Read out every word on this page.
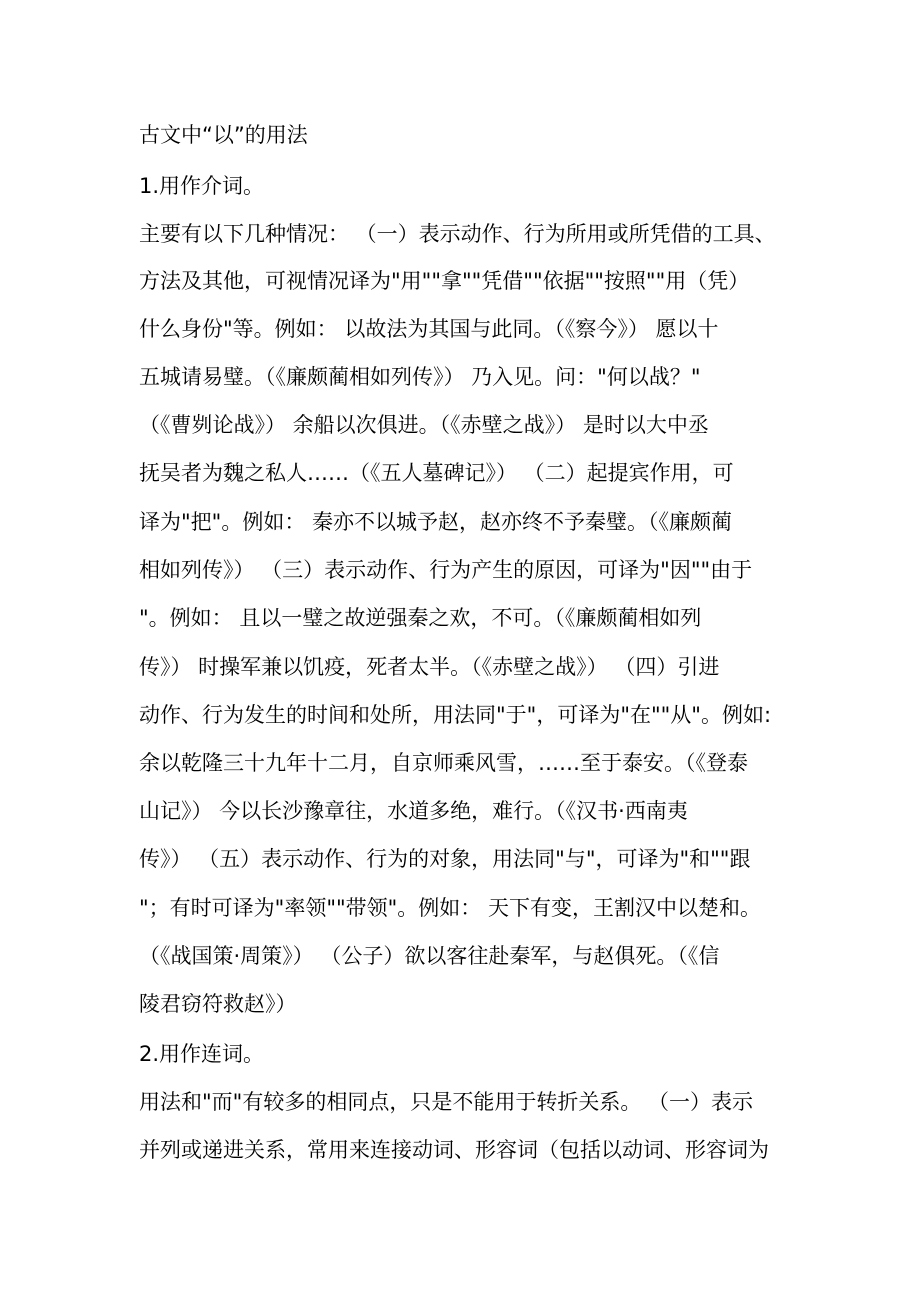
古文中“以”的用法
1.用作介词。
主要有以下几种情况： （一）表示动作、行为所用或所凭借的工具、
方法及其他，可视情况译为"用""拿""凭借""依据""按照""用（凭）
什么身份"等。例如： 以故法为其国与此同。（《察今》） 愿以十
五城请易璧。（《廉颇蔺相如列传》） 乃入见。问："何以战？"
（《曹刿论战》） 余船以次俱进。（《赤壁之战》） 是时以大中丞
抚吴者为魏之私人……（《五人墓碑记》） （二）起提宾作用，可
译为"把"。例如： 秦亦不以城予赵，赵亦终不予秦璧。（《廉颇蔺
相如列传》） （三）表示动作、行为产生的原因，可译为"因""由于
"。例如： 且以一璧之故逆强秦之欢，不可。（《廉颇蔺相如列
传》） 时操军兼以饥疫，死者太半。（《赤壁之战》） （四）引进
动作、行为发生的时间和处所，用法同"于"，可译为"在""从"。例如:
余以乾隆三十九年十二月，自京师乘风雪，……至于泰安。（《登泰
山记》） 今以长沙豫章往，水道多绝，难行。（《汉书·西南夷
传》） （五）表示动作、行为的对象，用法同"与"，可译为"和""跟
"；有时可译为"率领""带领"。例如： 天下有变，王割汉中以楚和。
（《战国策·周策》） （公子）欲以客往赴秦军，与赵俱死。（《信
陵君窃符救赵》）
2.用作连词。
用法和"而"有较多的相同点，只是不能用于转折关系。 （一）表示
并列或递进关系，常用来连接动词、形容词（包括以动词、形容词为
